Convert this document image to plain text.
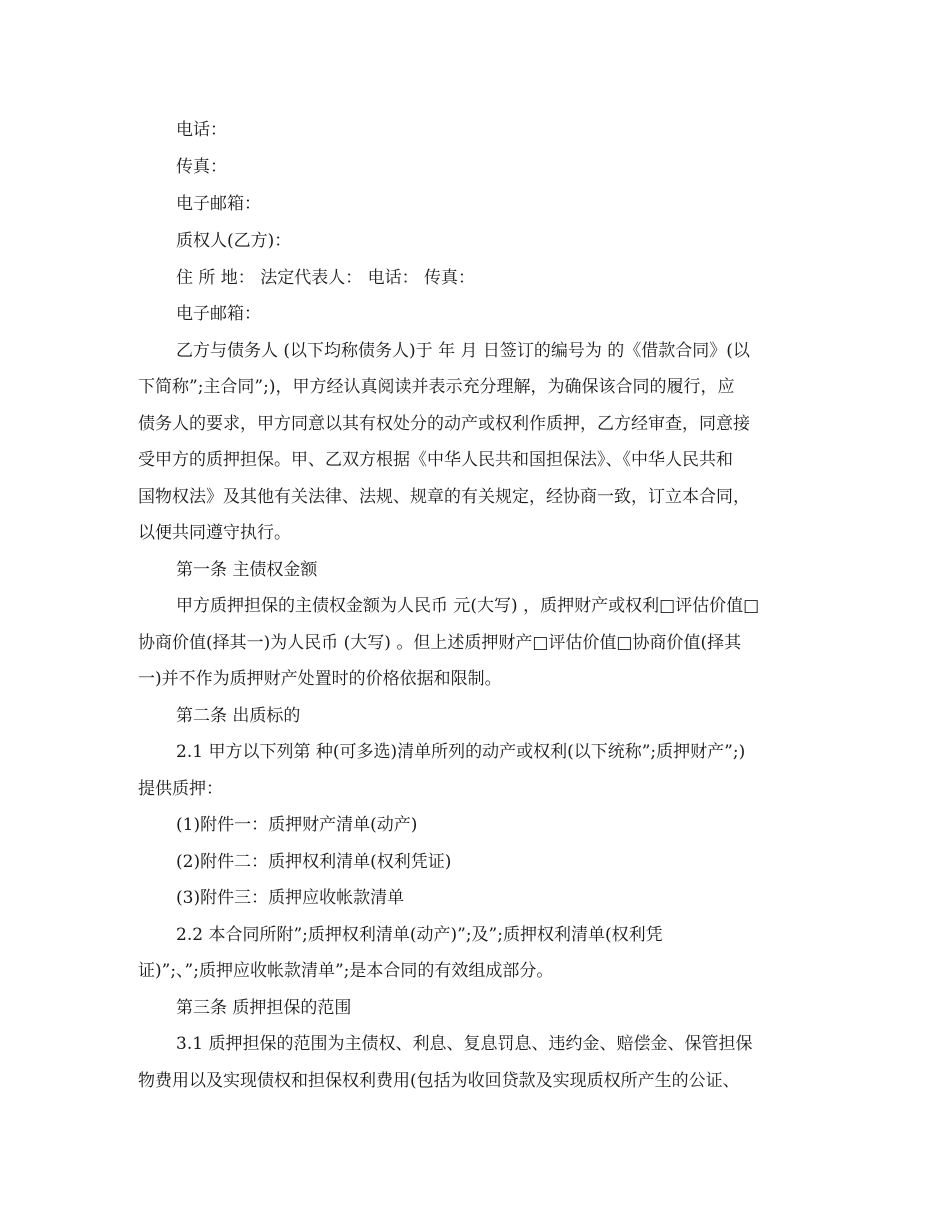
电话：
传真：
电子邮箱：
质权人(乙方)：
住 所 地： 法定代表人： 电话： 传真：
电子邮箱：
乙方与债务人 (以下均称债务人)于 年 月 日签订的编号为 的《借款合同》(以
下简称”;主合同”;)，甲方经认真阅读并表示充分理解，为确保该合同的履行，应
债务人的要求，甲方同意以其有权处分的动产或权利作质押，乙方经审查，同意接
受甲方的质押担保。甲、乙双方根据《中华人民共和国担保法》、《中华人民共和
国物权法》及其他有关法律、法规、规章的有关规定，经协商一致，订立本合同，
以便共同遵守执行。
第一条 主债权金额
甲方质押担保的主债权金额为人民币 元(大写) ，质押财产或权利□评估价值□
协商价值(择其一)为人民币 (大写) 。但上述质押财产□评估价值□协商价值(择其
一)并不作为质押财产处置时的价格依据和限制。
第二条 出质标的
2.1 甲方以下列第 种(可多选)清单所列的动产或权利(以下统称”;质押财产”;)
提供质押：
(1)附件一：质押财产清单(动产)
(2)附件二：质押权利清单(权利凭证)
(3)附件三：质押应收帐款清单
2.2 本合同所附”;质押权利清单(动产)”;及”;质押权利清单(权利凭
证)”;、”;质押应收帐款清单”;是本合同的有效组成部分。
第三条 质押担保的范围
3.1 质押担保的范围为主债权、利息、复息罚息、违约金、赔偿金、保管担保
物费用以及实现债权和担保权利费用(包括为收回贷款及实现质权所产生的公证、
